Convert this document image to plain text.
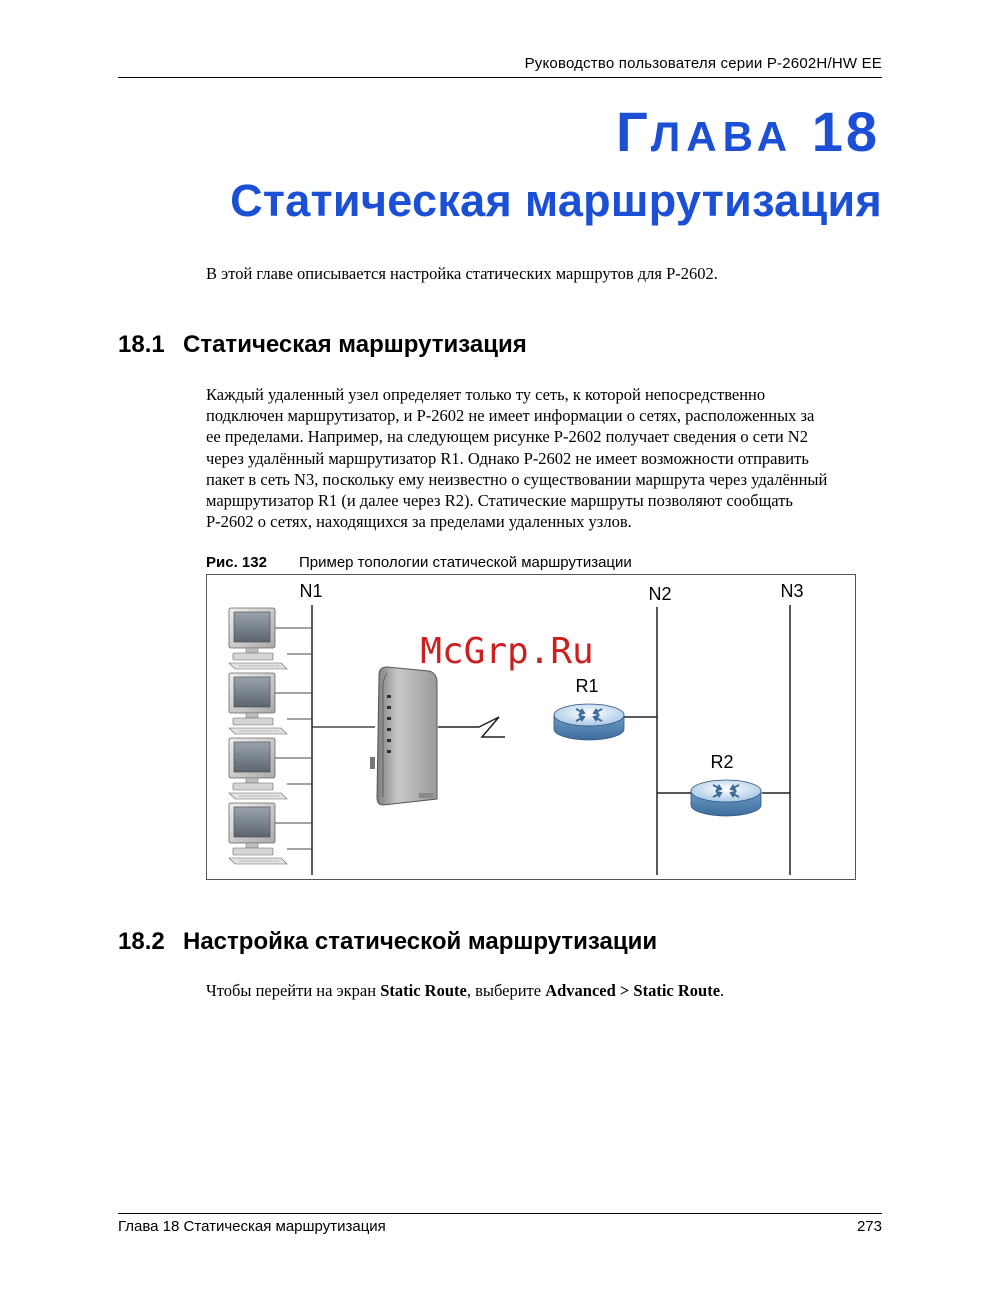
Руководство пользователя серии P-2602H/HW EE
ГЛАВА 18
Статическая маршрутизация
В этой главе описывается настройка статических маршрутов для P-2602.
18.1 Статическая маршрутизация
Каждый удаленный узел определяет только ту сеть, к которой непосредственно
подключен маршрутизатор, и P-2602 не имеет информации о сетях, расположенных за
ее пределами. Например, на следующем рисунке P-2602 получает сведения о сети N2
через удалённый маршрутизатор R1. Однако P-2602 не имеет возможности отправить
пакет в сеть N3, поскольку ему неизвестно о существовании маршрута через удалённый
маршрутизатор R1 (и далее через R2). Статические маршруты позволяют сообщать
P-2602 о сетях, находящихся за пределами удаленных узлов.
Рис. 132 Пример топологии статической маршрутизации
N1	N2	N3
R1
R2
McGrp.Ru
18.2 Настройка статической маршрутизации
Чтобы перейти на экран Static Route, выберите Advanced > Static Route.
Глава 18 Статическая маршрутизация	273
